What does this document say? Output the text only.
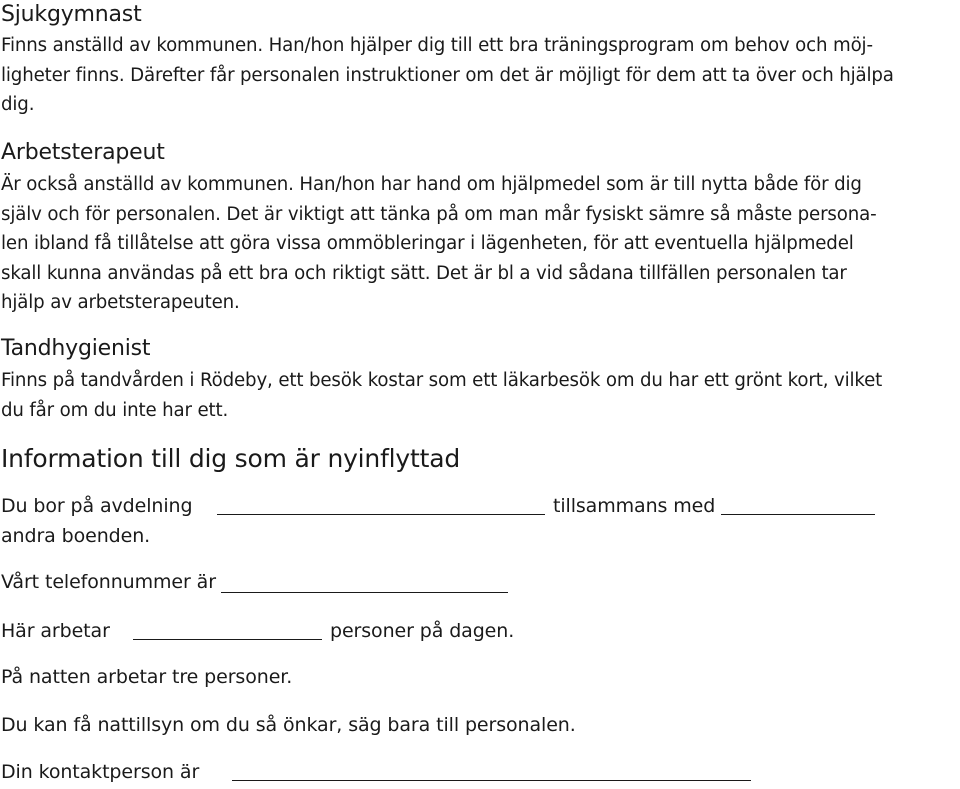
Sjukgymnast

Finns anställd av kommunen. Han/hon hjälper dig till ett bra träningsprogram om behov och möj-
ligheter finns. Därefter får personalen instruktioner om det är möjligt för dem att ta över och hjälpa
dig.

Arbetsterapeut

Är också anställd av kommunen. Han/hon har hand om hjälpmedel som är till nytta både för dig
själv och för personalen. Det är viktigt att tänka på om man mår fysiskt sämre så måste persona-
len ibland få tillåtelse att göra vissa ommöbleringar i lägenheten, för att eventuella hjälpmedel
skall kunna användas på ett bra och riktigt sätt. Det är bl a vid sådana tillfällen personalen tar
hjälp av arbetsterapeuten.

Tandhygienist

Finns på tandvården i Rödeby, ett besök kostar som ett läkarbesök om du har ett grönt kort, vilket
du får om du inte har ett.

Information till dig som är nyinflyttad
Du bor på avdelning	tillsammans med
andra boenden.
Vårt telefonnummer är
Här arbetar	personer på dagen.
På natten arbetar tre personer.
Du kan få nattillsyn om du så önkar, säg bara till personalen.
Din kontaktperson är
